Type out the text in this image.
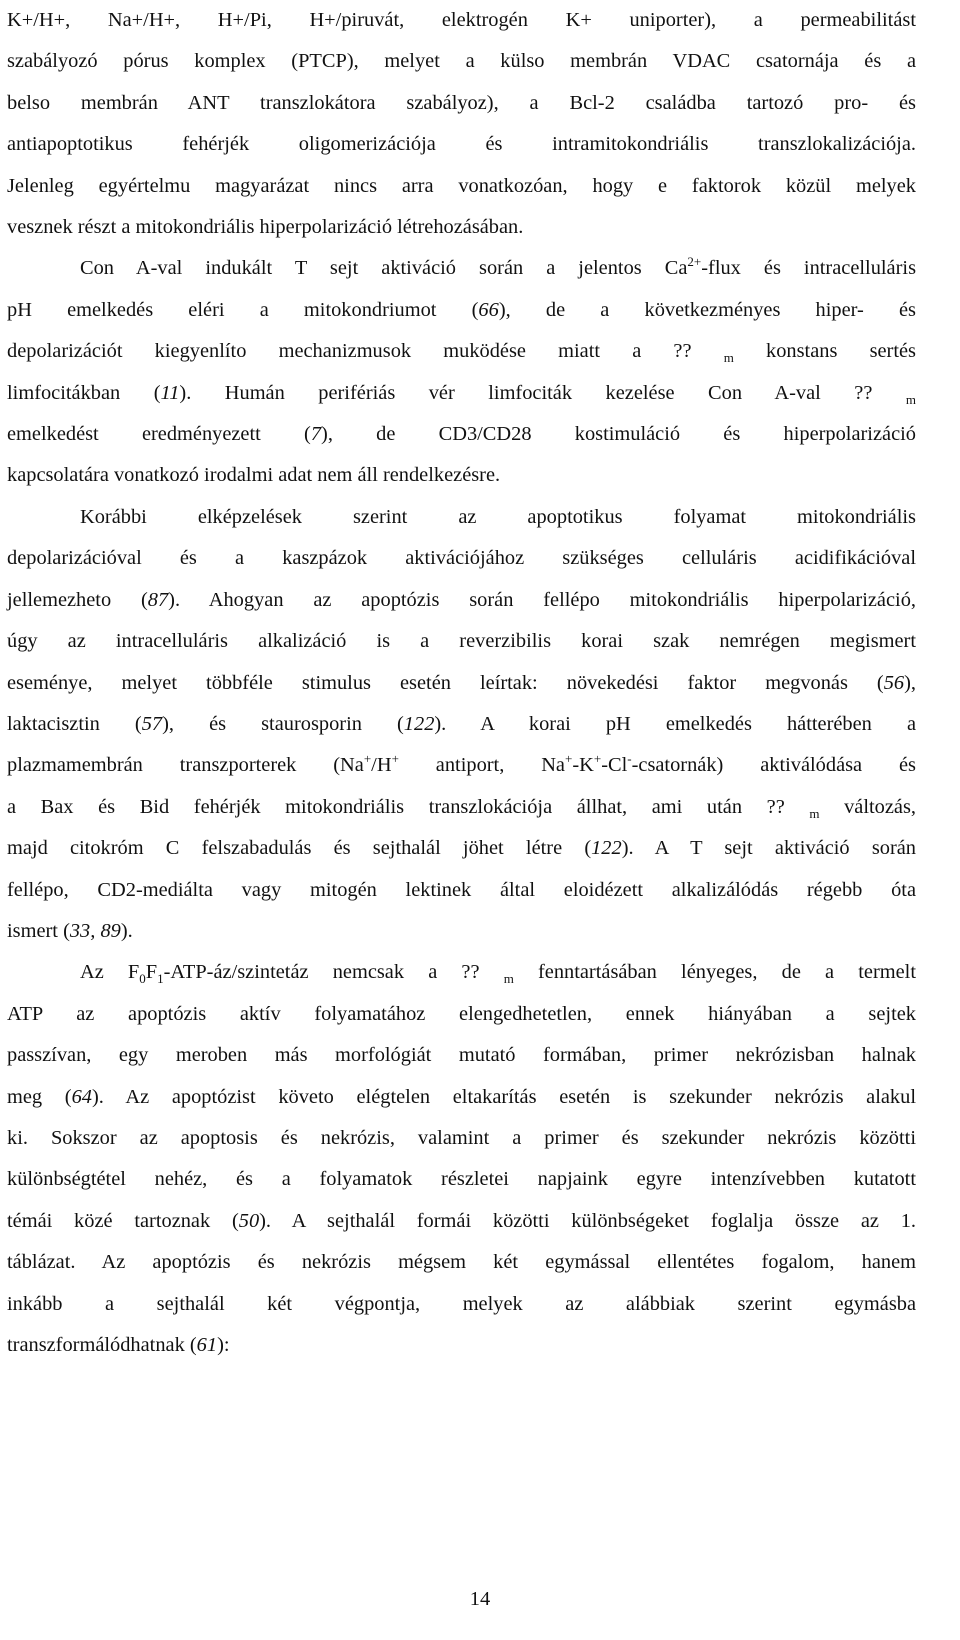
K+/H+, Na+/H+, H+/Pi, H+/piruvát, elektrogén K+ uniporter), a permeabilitást
szabályozó pórus komplex (PTCP), melyet a külso membrán VDAC csatornája és a
belso membrán ANT transzlokátora szabályoz), a Bcl-2 családba tartozó pro- és
antiapoptotikus fehérjék oligomerizációja és intramitokondriális transzlokalizációja.
Jelenleg egyértelmu magyarázat nincs arra vonatkozóan, hogy e faktorok közül melyek
vesznek részt a mitokondriális hiperpolarizáció létrehozásában.

Con A-val indukált T sejt aktiváció során a jelentos $Ca^{2+}$-flux és intracelluláris
pH emelkedés eléri a mitokondriumot (66), de a következményes hiper- és
depolarizációt kiegyenlíto mechanizmusok muködése miatt a ?? $_m$ konstans sertés
limfocitákban (11). Humán perifériás vér limfociták kezelése Con A-val ?? $_m$
emelkedést eredményezett (7), de CD3/CD28 kostimuláció és hiperpolarizáció
kapcsolatára vonatkozó irodalmi adat nem áll rendelkezésre.

Korábbi elképzelések szerint az apoptotikus folyamat mitokondriális
depolarizációval és a kaszpázok aktivációjához szükséges celluláris acidifikációval
jellemezheto (87). Ahogyan az apoptózis során fellépo mitokondriális hiperpolarizáció,
úgy az intracelluláris alkalizáció is a reverzibilis korai szak nemrégen megismert
eseménye, melyet többféle stimulus esetén leírtak: növekedési faktor megvonás (56),
laktacisztin (57), és staurosporin (122). A korai pH emelkedés hátterében a
plazmamembrán transzporterek (Na+/H+ antiport, Na+-K+-Cl--csatornák) aktiválódása és
a Bax és Bid fehérjék mitokondriális transzlokációja állhat, ami után ?? $_m$ változás,
majd citokróm C felszabadulás és sejthalál jöhet létre (122). A T sejt aktiváció során
fellépo, CD2-mediálta vagy mitogén lektinek által eloidézett alkalizálódás régebb óta
ismert (33, 89).

Az $F_0F_1-ATP-áz$/szintetáz nemcsak a ?? $_m$ fenntartásában lényeges, de a termelt
ATP az apoptózis aktív folyamatához elengedhetetlen, ennek hiányában a sejtek
passzívan, egy meroben más morfológiát mutató formában, primer nekrózisban halnak
meg (64). Az apoptózist követo elégtelen eltakarítás esetén is szekunder nekrózis alakul
ki. Sokszor az apoptosis és nekrózis, valamint a primer és szekunder nekrózis közötti
különbségtétel nehéz, és a folyamatok részletei napjaink egyre intenzívebben kutatott
témái közé tartoznak (50). A sejthalál formái közötti különbségeket foglalja össze az 1.
táblázat. Az apoptózis és nekrózis mégsem két egymással ellentétes fogalom, hanem
inkább a sejthalál két végpontja, melyek az alábbiak szerint egymásba
transzformálódhatnak (61):

14
